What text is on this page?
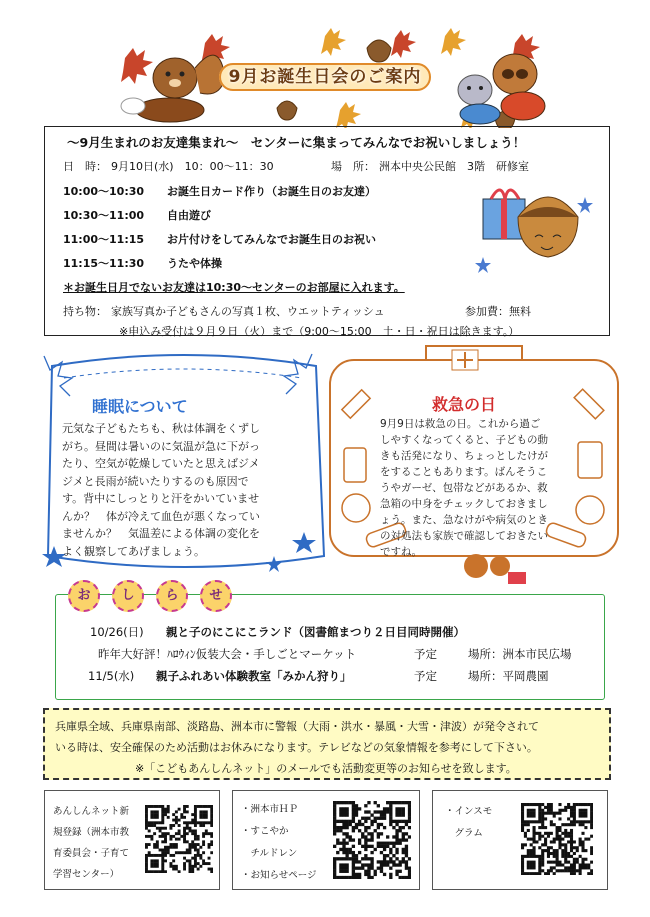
9月お誕生日会のご案内
～9月生まれのお友達集まれ～　センターに集まってみんなでお祝いしましょう！
日　時： 9月10日(水)　10：00～11：30	場　所： 洲本中央公民館　3階　研修室
10:00～10:30 お誕生日カード作り（お誕生日のお友達）
10:30～11:00 自由遊び
11:00～11:15 お片付けをしてみんなでお誕生日のお祝い
11:15～11:30 うたや体操
＊お誕生日月でないお友達は10:30～センターのお部屋に入れます。
持ち物： 家族写真か子どもさんの写真１枚、ウエットティッシュ	参加費：無料
※申込み受付は９月９日（火）まで（9:00～15:00　土・日・祝日は除きます。）
睡眠について
元気な子どもたちも、秋は体調をくずし
がち。昼間は暑いのに気温が急に下がっ
たり、空気が乾燥していたと思えばジメ
ジメと長雨が続いたりするのも原因で
す。背中にしっとりと汗をかいていませ
んか？　体が冷えて血色が悪くなってい
ませんか？　気温差による体調の変化を
よく観察してあげましょう。
救急の日
9月9日は救急の日。これから過ご
しやすくなってくると、子どもの動
きも活発になり、ちょっとしたけが
をすることもあります。ばんそうこ
うやガーゼ、包帯などがあるか、救
急箱の中身をチェックしておきまし
ょう。また、急なけがや病気のとき
の対処法も家族で確認しておきたい
ですね。
お	し	ら	せ
10/26(日) 親と子のにこにこランド（図書館まつり２日目同時開催）
昨年大好評！ﾊﾛｳｨﾝ仮装大会・手しごとマーケット	予定	場所：洲本市民広場
11/5(水) 親子ふれあい体験教室「みかん狩り」	予定	場所：平岡農園
兵庫県全域、兵庫県南部、淡路島、洲本市に警報（大雨・洪水・暴風・大雪・津波）が発令されて
いる時は、安全確保のため活動はお休みになります。テレビなどの気象情報を参考にして下さい。
※「こどもあんしんネット」のメールでも活動変更等のお知らせを致します。
あんしんネット新
規登録（洲本市教
育委員会・子育て
学習センター）
・洲本市ＨＰ
・すこやか
　チルドレン
・お知らせページ
・インスモ
　グラム
